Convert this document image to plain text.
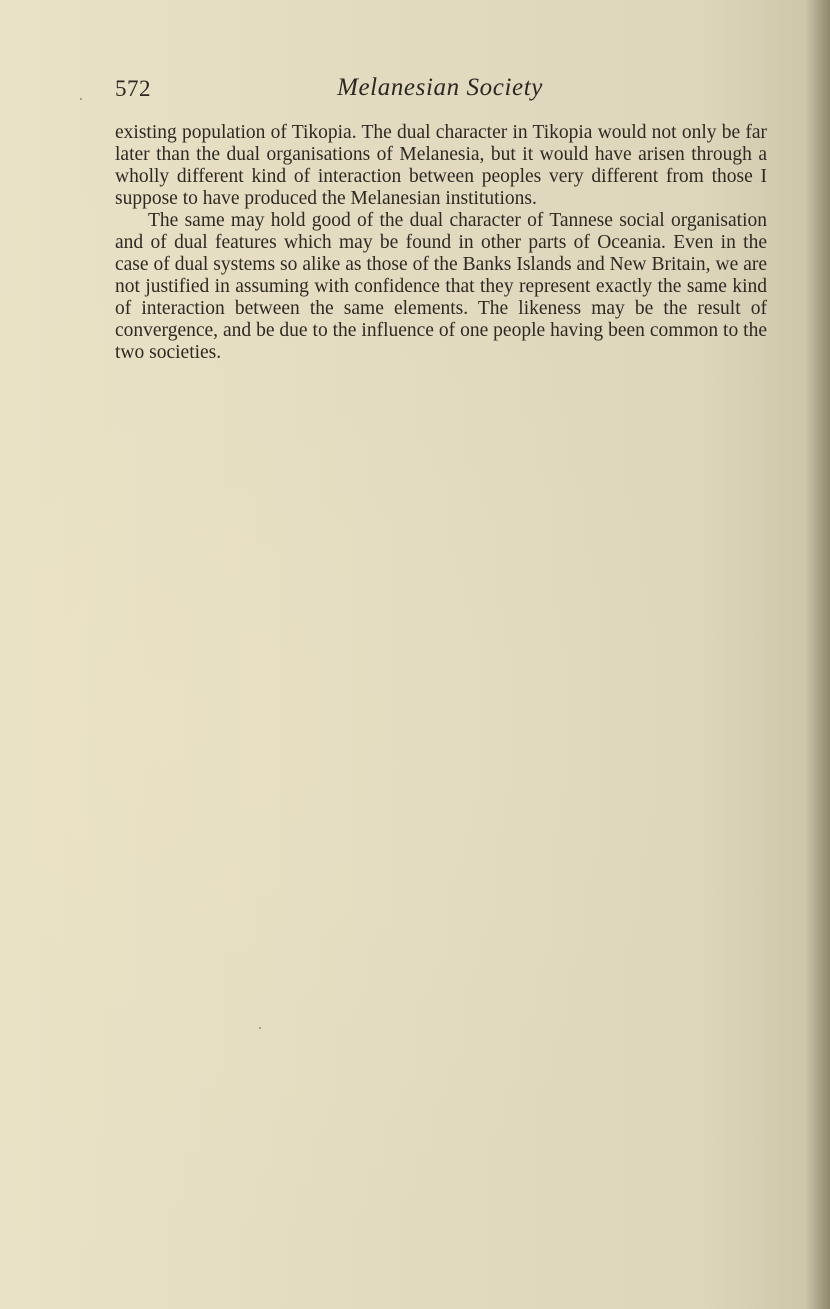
572	Melanesian Society

existing population of Tikopia. The dual character in Tikopia would not only be far later than the dual organisations of Melanesia, but it would have arisen through a wholly different kind of interaction between peoples very different from those I suppose to have produced the Melanesian institutions.

The same may hold good of the dual character of Tannese social organisation and of dual features which may be found in other parts of Oceania. Even in the case of dual systems so alike as those of the Banks Islands and New Britain, we are not justified in assuming with confidence that they represent exactly the same kind of interaction between the same elements. The likeness may be the result of convergence, and be due to the influence of one people having been common to the two societies.
